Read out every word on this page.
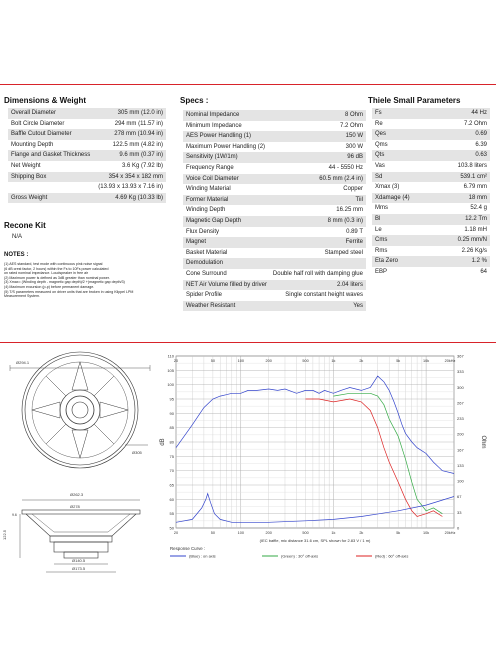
Dimensions & Weight
Overall Diameter	305 mm (12.0 in)
Bolt Circle Diameter	294 mm (11.57 in)
Baffle Cutout Diameter	278 mm (10.94 in)
Mounting Depth	122.5 mm (4.82 in)
Flange and Gasket Thickness	9.6 mm (0.37 in)
Net Weight	3.6 Kg (7.92 lb)
Shipping Box	354 x 354 x 182 mm
	(13.93 x 13.93 x 7.16 in)
Gross Weight	4.69 Kg (10.33 lb)
Recone Kit
N/A
NOTES :
(1) AES standard, test mode with continuous pink noise signal
(6 dB crest factor, 2 hours) within the Fs to 10Fs power calculated
on rated nominal impedance. Loudspeaker in free air
(2) Maximum power is defined as 3dB greater than nominal power.
(3) Xmax= (Winding depth - magnetic gap depth)/2 +(magnetic gap depth/3)
(4) Maximum excursion (p-p) before permanent damage.
(5) T/S parameters measured on driver units that are broken in using Klippel LPM
Measurement System.
Specs :
Nominal Impedance	8 Ohm
Minimum Impedance	7.2 Ohm
AES Power Handling (1)	150 W
Maximum Power Handling (2)	300 W
Sensitivity (1W/1m)	96 dB
Frequency Range	44 - 5550 Hz
Voice Coil Diameter	60.5 mm (2.4 in)
Winding Material	Copper
Former Material	Tiil
Winding Depth	16.25 mm
Magnetic Gap Depth	8 mm (0.3 in)
Flux Density	0.89 T
Magnet	Ferrite
Basket Material	Stamped steel
Demodulation	
Cone Surround	Double half roll with damping glue
NET Air Volume filled by driver	2.04 liters
Spider Profile	Single constant height waves
Weather Resistant	Yes
Thiele Small Parameters
Fs	44 Hz
Re	7.2 Ohm
Qes	0.69
Qms	6.39
Qts	0.63
Vas	103.8 liters
Sd	539.1 cm²
Xmax (3)	6.79 mm
Xdamage (4)	18 mm
Mms	52.4 g
Bl	12.2 Tm
Le	1.18 mH
Cms	0.25 mm/N
Rms	2.26 Kg/s
Eta Zero	1.2 %
EBP	64
Ø294.1
Ø305
Ø262.3
Ø278
Ø140.5
Ø173.5
122.5
9.6
20
20
50
50
100
100
200
200
500
500
1k
1k
2k
2k
5k
5k
10k
10k
20kHz
20kHz
110
105
100
95
90
85
80
75
70
65
60
55
50
367
333
300
267
233
200
167
133
100
67
33
0
dB	Ohm
(IEC baffle, mic distance 31.6 cm, SPL shown for 2.83 V / 1 m)
Response Curve :
(Blue) : on axis	(Green) : 30° off-axis	(Red) : 60° off-axis
